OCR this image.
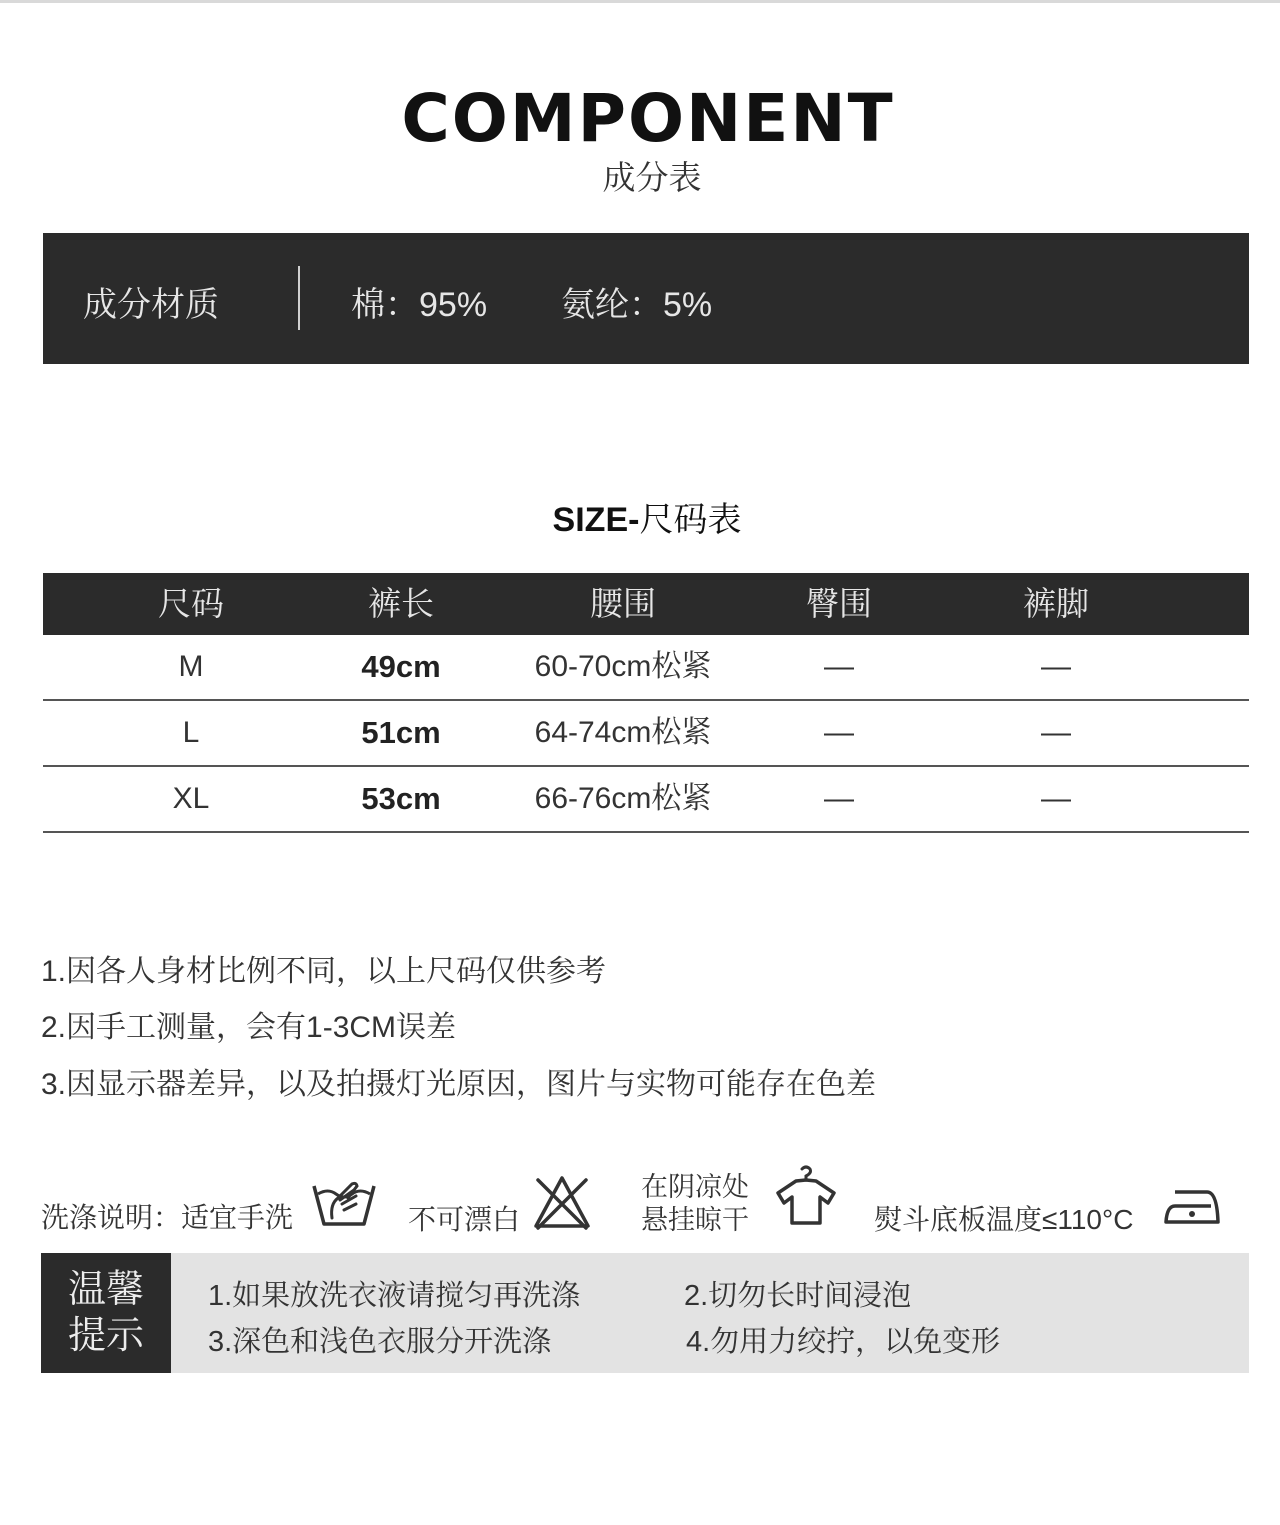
COMPONENT
成分表
成分材质	棉：95% 氨纶：5%
SIZE-尺码表
尺码	裤长	腰围	臀围	裤脚
M	49cm	60-70cm松紧	—	—
L	51cm	64-74cm松紧	—	—
XL	53cm	66-76cm松紧	—	—
1.因各人身材比例不同，以上尺码仅供参考
2.因手工测量，会有1-3CM误差
3.因显示器差异，以及拍摄灯光原因，图片与实物可能存在色差
洗涤说明：适宜手洗	不可漂白
在阴凉处
悬挂晾干	熨斗底板温度≤110°C
温馨
提示
1.如果放洗衣液请搅匀再洗涤	2.切勿长时间浸泡
3.深色和浅色衣服分开洗涤	4.勿用力绞拧，以免变形
